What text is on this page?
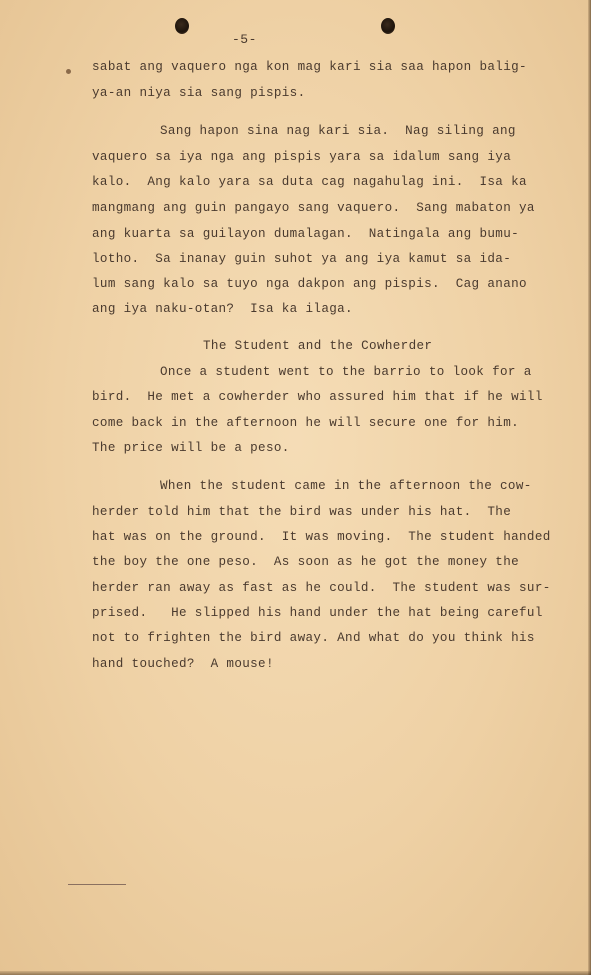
-5-
sabat ang vaquero nga kon mag kari sia saa hapon balig-
ya-an niya sia sang pispis.
Sang hapon sina nag kari sia.  Nag siling ang
vaquero sa iya nga ang pispis yara sa idalum sang iya
kalo.  Ang kalo yara sa duta cag nagahulag ini.  Isa ka
mangmang ang guin pangayo sang vaquero.  Sang mabaton ya
ang kuarta sa guilayon dumalagan.  Natingala ang bumu-
lotho.  Sa inanay guin suhot ya ang iya kamut sa ida-
lum sang kalo sa tuyo nga dakpon ang pispis.  Cag anano
ang iya naku-otan?  Isa ka ilaga.
The Student and the Cowherder
Once a student went to the barrio to look for a
bird.  He met a cowherder who assured him that if he will
come back in the afternoon he will secure one for him.
The price will be a peso.
When the student came in the afternoon the cow-
herder told him that the bird was under his hat.  The
hat was on the ground.  It was moving.  The student handed
the boy the one peso.  As soon as he got the money the
herder ran away as fast as he could.  The student was sur-
prised.   He slipped his hand under the hat being careful
not to frighten the bird away. And what do you think his
hand touched?  A mouse!
